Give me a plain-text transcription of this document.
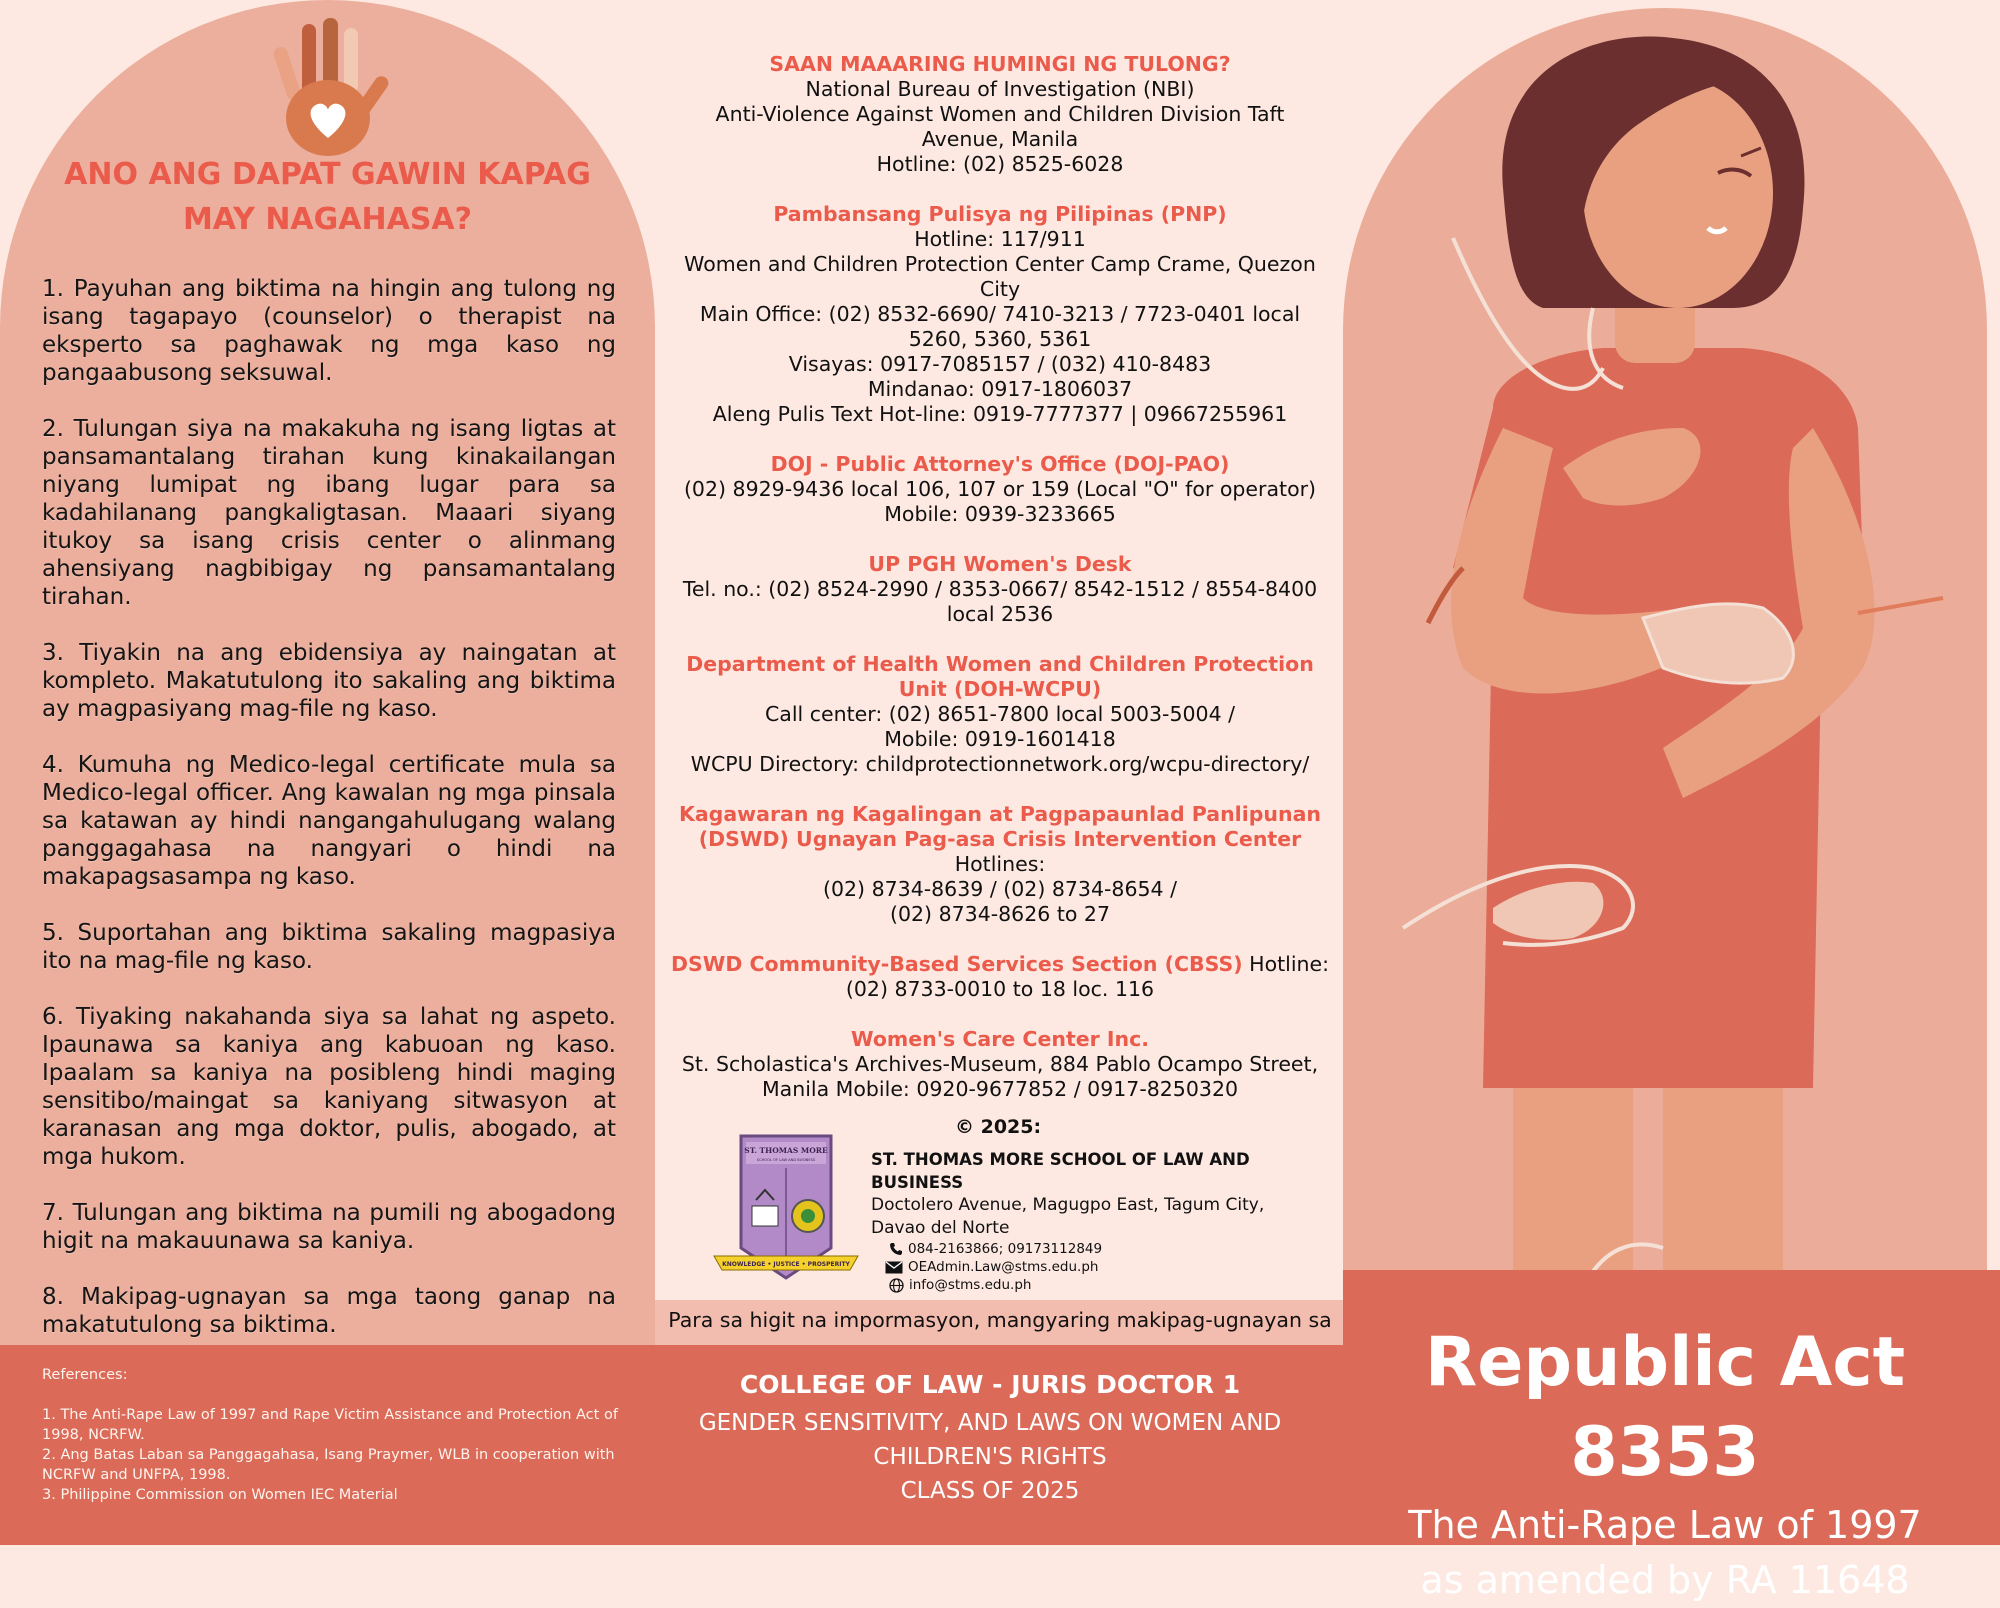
ANO ANG DAPAT GAWIN KAPAG MAY NAGAHASA?

1. Payuhan ang biktima na hingin ang tulong ng isang tagapayo (counselor) o therapist na eksperto sa paghawak ng mga kaso ng pangaabusong seksuwal.

2. Tulungan siya na makakuha ng isang ligtas at pansamantalang tirahan kung kinakailangan niyang lumipat ng ibang lugar para sa kadahilanang pangkaligtasan. Maaari siyang itukoy sa isang crisis center o alinmang ahensiyang nagbibigay ng pansamantalang tirahan.

3. Tiyakin na ang ebidensiya ay naingatan at kompleto. Makatutulong ito sakaling ang biktima ay magpasiyang mag-file ng kaso.

4. Kumuha ng Medico-legal certificate mula sa Medico-legal officer. Ang kawalan ng mga pinsala sa katawan ay hindi nangangahulugang walang panggagahasa na nangyari o hindi na makapagsasampa ng kaso.

5. Suportahan ang biktima sakaling magpasiya ito na mag-file ng kaso.

6. Tiyaking nakahanda siya sa lahat ng aspeto. Ipaunawa sa kaniya ang kabuoan ng kaso. Ipaalam sa kaniya na posibleng hindi maging sensitibo/maingat sa kaniyang sitwasyon at karanasan ang mga doktor, pulis, abogado, at mga hukom.

7. Tulungan ang biktima na pumili ng abogadong higit na makauunawa sa kaniya.

8. Makipag-ugnayan sa mga taong ganap na makatutulong sa biktima.

SAAN MAAARING HUMINGI NG TULONG?
National Bureau of Investigation (NBI)
Anti-Violence Against Women and Children Division Taft
Avenue, Manila
Hotline: (02) 8525-6028
Pambansang Pulisya ng Pilipinas (PNP)
Hotline: 117/911
Women and Children Protection Center Camp Crame, Quezon
City
Main Office: (02) 8532-6690/ 7410-3213 / 7723-0401 local
5260, 5360, 5361
Visayas: 0917-7085157 / (032) 410-8483
Mindanao: 0917-1806037
Aleng Pulis Text Hot-line: 0919-7777377 | 09667255961
DOJ - Public Attorney's Office (DOJ-PAO)
(02) 8929-9436 local 106, 107 or 159 (Local "O" for operator)
Mobile: 0939-3233665
UP PGH Women's Desk
Tel. no.: (02) 8524-2990 / 8353-0667/ 8542-1512 / 8554-8400
local 2536
Department of Health Women and Children Protection Unit (DOH-WCPU)
Call center: (02) 8651-7800 local 5003-5004 /
Mobile: 0919-1601418
WCPU Directory: childprotectionnetwork.org/wcpu-directory/
Kagawaran ng Kagalingan at Pagpapaunlad Panlipunan (DSWD) Ugnayan Pag-asa Crisis Intervention Center Hotlines:
(02) 8734-8639 / (02) 8734-8654 /
(02) 8734-8626 to 27
DSWD Community-Based Services Section (CBSS) Hotline:
(02) 8733-0010 to 18 loc. 116
Women's Care Center Inc.
St. Scholastica's Archives-Museum, 884 Pablo Ocampo Street,
Manila Mobile: 0920-9677852 / 0917-8250320
© 2025:
ST. THOMAS MORE
SCHOOL OF LAW AND BUSINESS
KNOWLEDGE • JUSTICE • PROSPERITY
ST. THOMAS MORE SCHOOL OF LAW AND BUSINESS
Doctolero Avenue, Magugpo East, Tagum City,
Davao del Norte
084-2163866; 09173112849
OEAdmin.Law@stms.edu.ph
info@stms.edu.ph
Para sa higit na impormasyon, mangyaring makipag-ugnayan sa
References:
1. The Anti-Rape Law of 1997 and Rape Victim Assistance and Protection Act of 1998, NCRFW.
2. Ang Batas Laban sa Panggagahasa, Isang Praymer, WLB in cooperation with NCRFW and UNFPA, 1998.
3. Philippine Commission on Women IEC Material
COLLEGE OF LAW - JURIS DOCTOR 1
GENDER SENSITIVITY, AND LAWS ON WOMEN AND
CHILDREN'S RIGHTS
CLASS OF 2025
Republic Act 8353
The Anti-Rape Law of 1997
as amended by RA 11648
